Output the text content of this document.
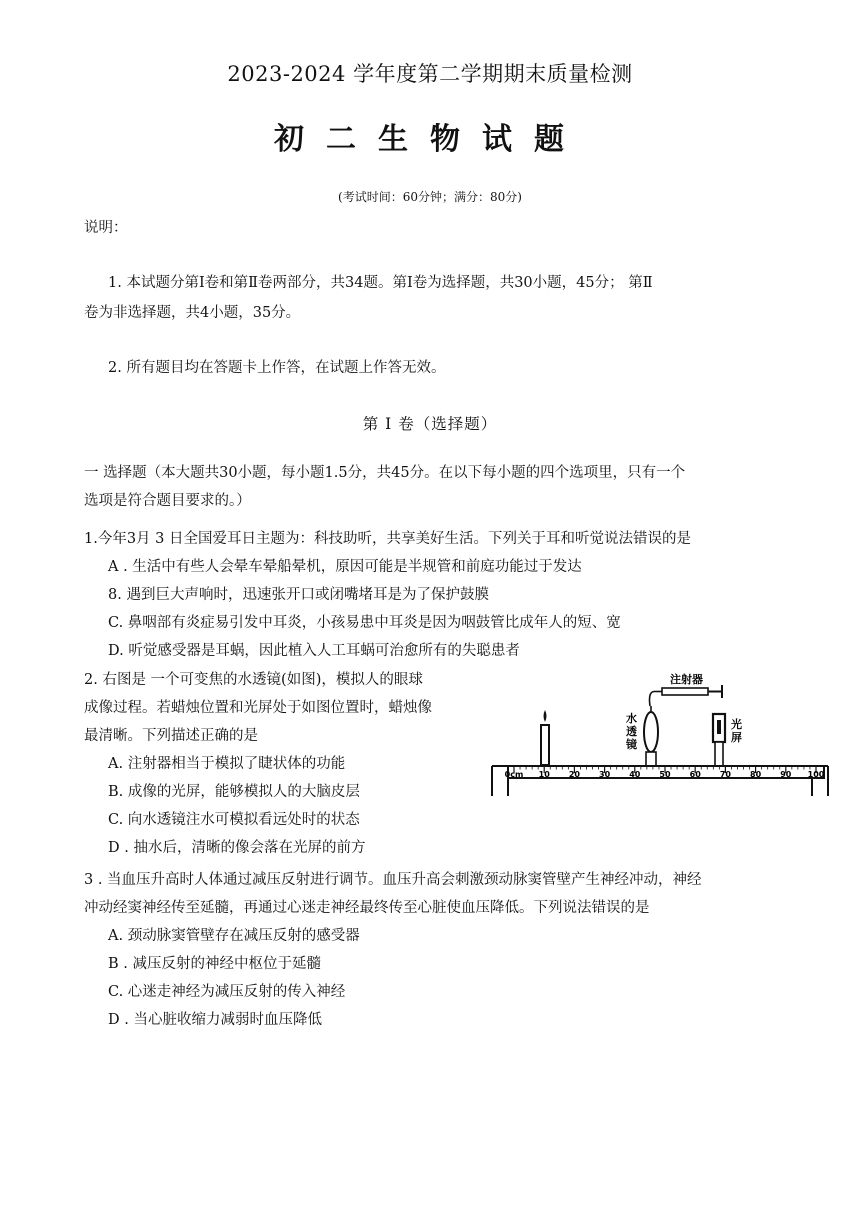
2023-2024 学年度第二学期期末质量检测
初二生物试题
(考试时间：60分钟；满分：80分)
说明：
1. 本试题分第Ⅰ卷和第Ⅱ卷两部分，共34题。第Ⅰ卷为选择题，共30小题，45分； 第Ⅱ
卷为非选择题，共4小题，35分。
2. 所有题目均在答题卡上作答，在试题上作答无效。
第 Ⅰ 卷（选择题）
一 选择题（本大题共30小题，每小题1.5分，共45分。在以下每小题的四个选项里，只有一个
选项是符合题目要求的。）
1.今年3月 3 日全国爱耳日主题为：科技助听，共享美好生活。下列关于耳和听觉说法错误的是
A . 生活中有些人会晕车晕船晕机，原因可能是半规管和前庭功能过于发达
8. 遇到巨大声响时，迅速张开口或闭嘴堵耳是为了保护鼓膜
C. 鼻咽部有炎症易引发中耳炎，小孩易患中耳炎是因为咽鼓管比成年人的短、宽
D. 听觉感受器是耳蜗，因此植入人工耳蜗可治愈所有的失聪患者
2. 右图是 一个可变焦的水透镜(如图)，模拟人的眼球
成像过程。若蜡烛位置和光屏处于如图位置时，蜡烛像
最清晰。下列描述正确的是
A. 注射器相当于模拟了睫状体的功能
B. 成像的光屏，能够模拟人的大脑皮层
C. 向水透镜注水可模拟看远处时的状态
D . 抽水后，清晰的像会落在光屏的前方
注射器
水
透
镜
光
屏
0cm 10 20 30 40 50 60 70 80 90 100
3 . 当血压升高时人体通过减压反射进行调节。血压升高会刺激颈动脉窦管壁产生神经冲动，神经
冲动经窦神经传至延髓，再通过心迷走神经最终传至心脏使血压降低。下列说法错误的是
A. 颈动脉窦管壁存在减压反射的感受器
B . 减压反射的神经中枢位于延髓
C. 心迷走神经为减压反射的传入神经
D . 当心脏收缩力减弱时血压降低
